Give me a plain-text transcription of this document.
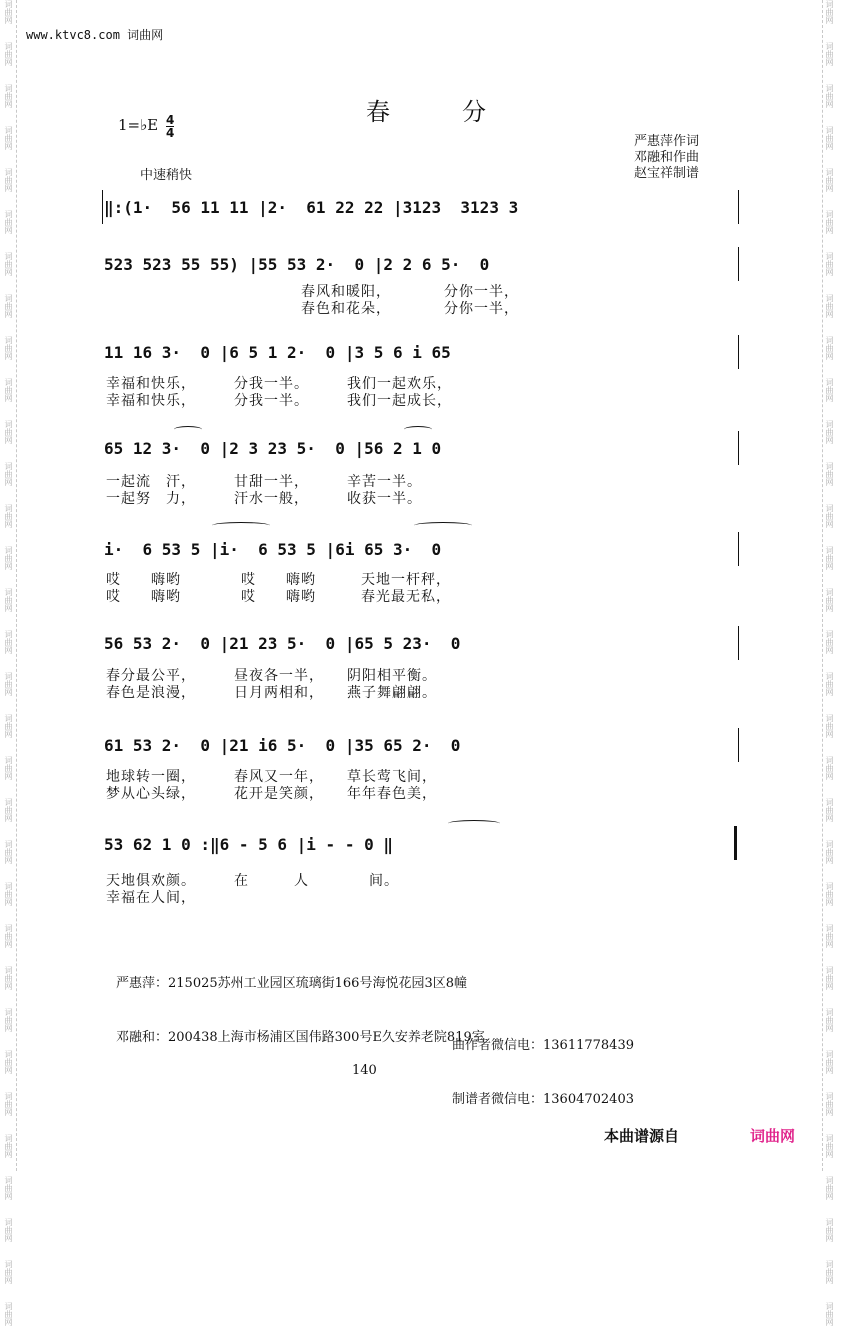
词曲网
词曲网
词曲网
词曲网
词曲网
词曲网
词曲网
词曲网
词曲网
词曲网
词曲网
词曲网
词曲网
词曲网
词曲网
词曲网
词曲网
词曲网
词曲网
词曲网
词曲网
词曲网
词曲网
词曲网
词曲网
词曲网
词曲网
词曲网
词曲网
词曲网
词曲网
词曲网
词曲网
词曲网
词曲网
词曲网
词曲网
词曲网
词曲网
词曲网
词曲网
词曲网
词曲网
词曲网
词曲网
词曲网
词曲网
词曲网
词曲网
词曲网
词曲网
词曲网
词曲网
词曲网
词曲网
词曲网
词曲网
词曲网
词曲网
词曲网
词曲网
词曲网
词曲网
词曲网
www.ktvc8.com 词曲网
春　　　分
1=♭E 4
4
严惠萍作词
邓融和作曲
赵宝祥制谱
中速稍快
‖:(1·  56 11 11 |2·  61 22 22 |3123  3123 3
523 523 55 55) |55 53 2·  0 |2 2 6 5·  0
　　　　　　　　　　　　　春风和暖阳，　　　　分你一半，
　　　　　　　　　　　　　春色和花朵，　　　　分你一半，
11 16 3·  0 |6 5 1 2·  0 |3 5 6 i 65
幸福和快乐，　　　分我一半。　　　我们一起欢乐，
幸福和快乐，　　　分我一半。　　　我们一起成长，
65 12 3·  0 |2 3 23 5·  0 |56 2 1 0
一起流　汗，　　　甘甜一半，　　　辛苦一半。
一起努　力，　　　汗水一般，　　　收获一半。
i·  6 53 5 |i·  6 53 5 |6i 65 3·  0
哎　　嗨哟　　　　哎　　嗨哟　　　天地一杆秤，
哎　　嗨哟　　　　哎　　嗨哟　　　春光最无私，
56 53 2·  0 |21 23 5·  0 |65 5 23·  0
春分最公平，　　　昼夜各一半，　　阴阳相平衡。
春色是浪漫，　　　日月两相和，　　燕子舞翩翩。
61 53 2·  0 |21 i6 5·  0 |35 65 2·  0
地球转一圈，　　　春风又一年，　　草长莺飞间，
梦从心头绿，　　　花开是笑颜，　　年年春色美，
53 62 1 0 :‖6 - 5 6 |i - - 0 ‖
天地俱欢颜。　　　在　　　人　　　　间。
幸福在人间，

严惠萍：215025苏州工业园区琉璃街166号海悦花园3区8幢

邓融和：200438上海市杨浦区国伟路300号E久安养老院819室

曲作者微信电：13611778439

制谱者微信电：13604702403

140
本曲谱源自	词曲网
